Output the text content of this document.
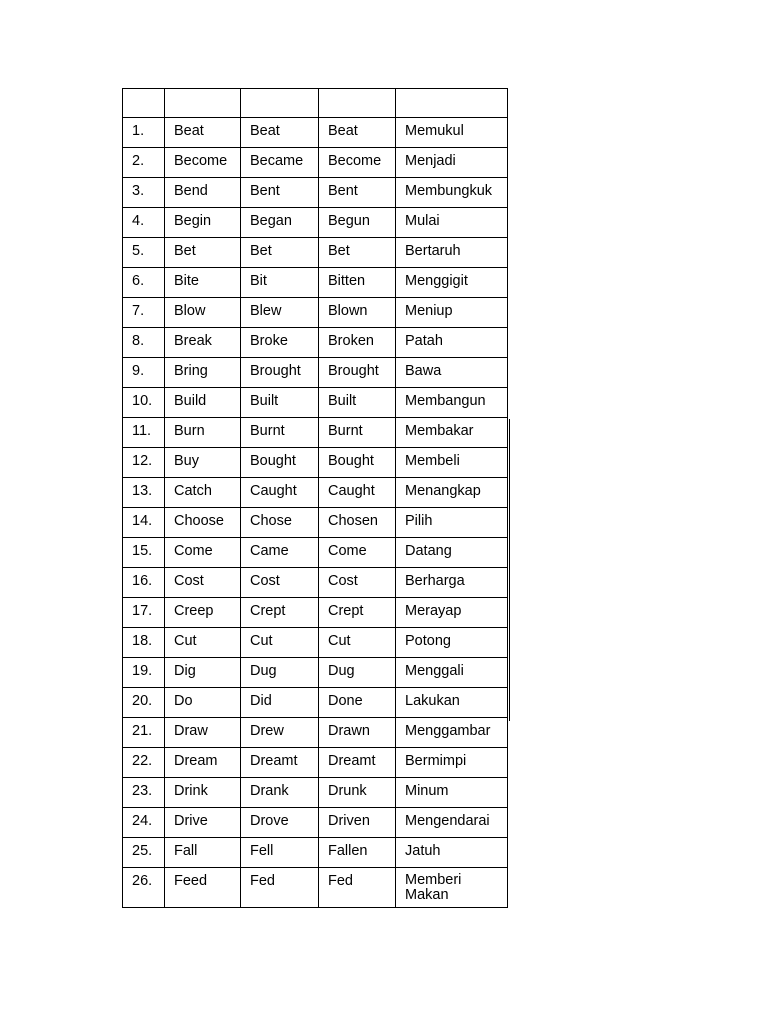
1.	Beat	Beat	Beat	Memukul
2.	Become	Became	Become	Menjadi
3.	Bend	Bent	Bent	Membungkuk
4.	Begin	Began	Begun	Mulai
5.	Bet	Bet	Bet	Bertaruh
6.	Bite	Bit	Bitten	Menggigit
7.	Blow	Blew	Blown	Meniup
8.	Break	Broke	Broken	Patah
9.	Bring	Brought	Brought	Bawa
10.	Build	Built	Built	Membangun
11.	Burn	Burnt	Burnt	Membakar
12.	Buy	Bought	Bought	Membeli
13.	Catch	Caught	Caught	Menangkap
14.	Choose	Chose	Chosen	Pilih
15.	Come	Came	Come	Datang
16.	Cost	Cost	Cost	Berharga
17.	Creep	Crept	Crept	Merayap
18.	Cut	Cut	Cut	Potong
19.	Dig	Dug	Dug	Menggali
20.	Do	Did	Done	Lakukan
21.	Draw	Drew	Drawn	Menggambar
22.	Dream	Dreamt	Dreamt	Bermimpi
23.	Drink	Drank	Drunk	Minum
24.	Drive	Drove	Driven	Mengendarai
25.	Fall	Fell	Fallen	Jatuh
26.	Feed	Fed	Fed	Memberi Makan
